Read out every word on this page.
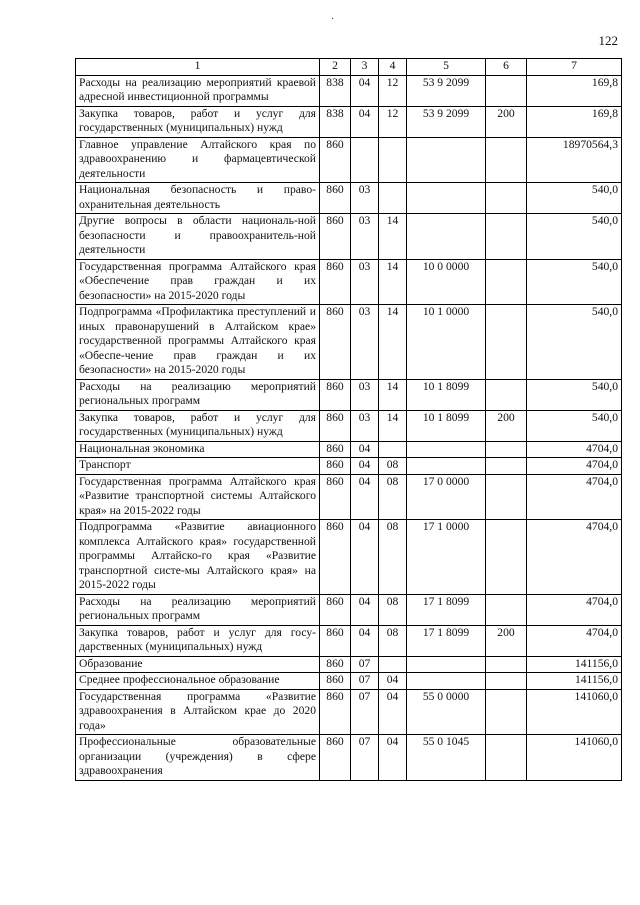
122
·
1	2	3	4	5	6	7
Расходы на реализацию мероприятий краевой адресной инвестиционной программы	838	04	12	53 9 2099		169,8
Закупка товаров, работ и услуг для государственных (муниципальных) нужд	838	04	12	53 9 2099	200	169,8
Главное управление Алтайского края по здравоохранению и фармацевтической деятельности	860					18970564,3
Национальная безопасность и право-охранительная деятельность	860	03				540,0
Другие вопросы в области националь-ной безопасности и правоохранитель-ной деятельности	860	03	14			540,0
Государственная программа Алтайского края «Обеспечение прав граждан и их безопасности» на 2015-2020 годы	860	03	14	10 0 0000		540,0
Подпрограмма «Профилактика преступлений и иных правонарушений в Алтайском крае» государственной программы Алтайского края «Обеспе-чение прав граждан и их безопасности» на 2015-2020 годы	860	03	14	10 1 0000		540,0
Расходы на реализацию мероприятий региональных программ	860	03	14	10 1 8099		540,0
Закупка товаров, работ и услуг для государственных (муниципальных) нужд	860	03	14	10 1 8099	200	540,0
Национальная экономика	860	04				4704,0
Транспорт	860	04	08			4704,0
Государственная программа Алтайского края «Развитие транспортной системы Алтайского края» на 2015-2022 годы	860	04	08	17 0 0000		4704,0
Подпрограмма «Развитие авиационного комплекса Алтайского края» государственной программы Алтайско-го края «Развитие транспортной систе-мы Алтайского края» на 2015-2022 годы	860	04	08	17 1 0000		4704,0
Расходы на реализацию мероприятий региональных программ	860	04	08	17 1 8099		4704,0
Закупка товаров, работ и услуг для госу-дарственных (муниципальных) нужд	860	04	08	17 1 8099	200	4704,0
Образование	860	07				141156,0
Среднее профессиональное образование	860	07	04			141156,0
Государственная программа «Развитие здравоохранения в Алтайском крае до 2020 года»	860	07	04	55 0 0000		141060,0
Профессиональные образовательные организации (учреждения) в сфере здравоохранения	860	07	04	55 0 1045		141060,0
